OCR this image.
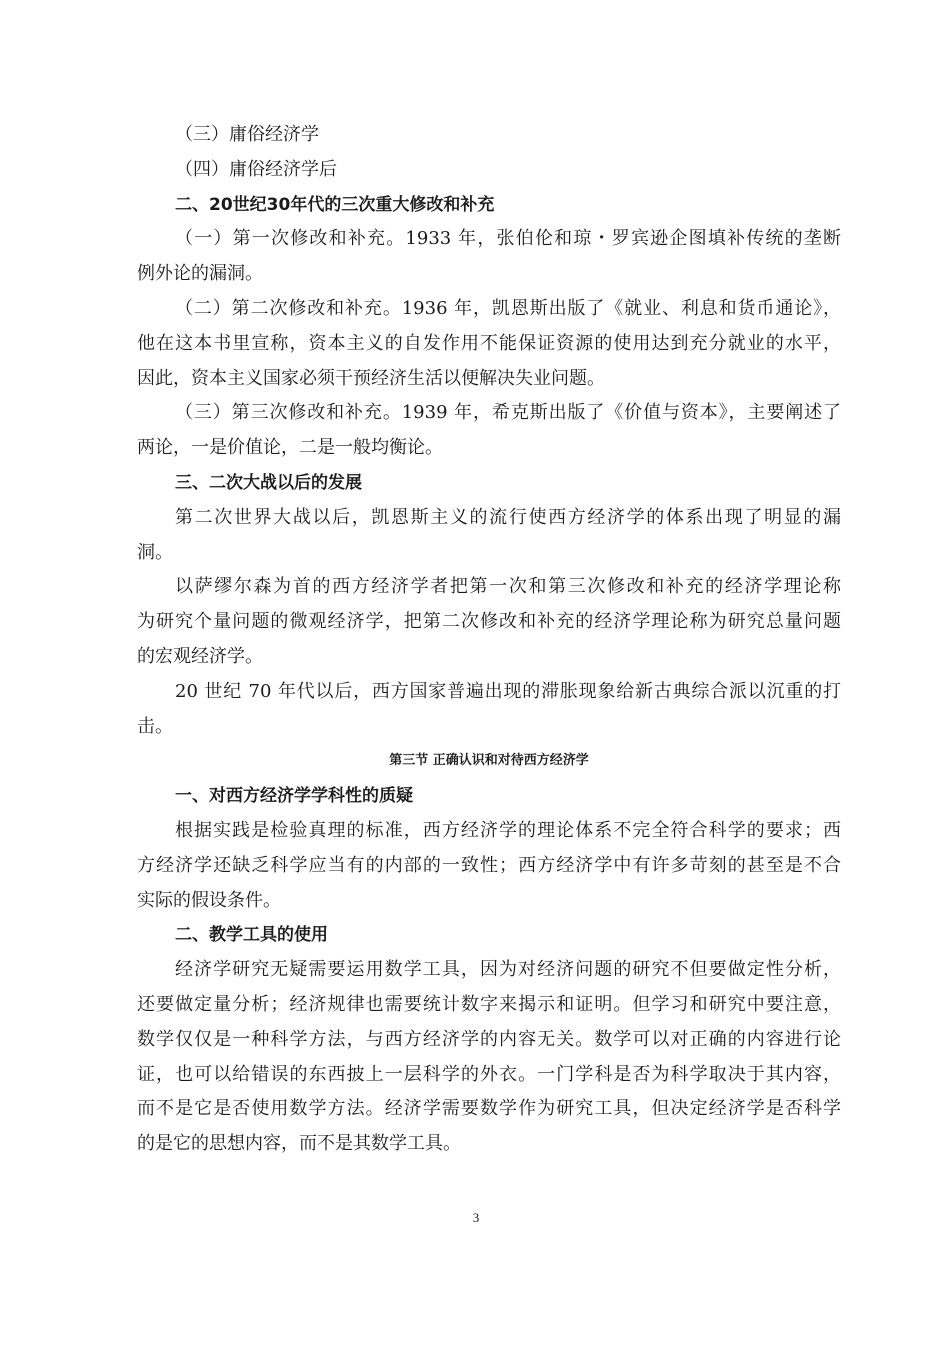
（三）庸俗经济学
（四）庸俗经济学后
二、20世纪30年代的三次重大修改和补充
（一）第一次修改和补充。1933 年，张伯伦和琼・罗宾逊企图填补传统的垄断
例外论的漏洞。
（二）第二次修改和补充。1936 年，凯恩斯出版了《就业、利息和货币通论》，
他在这本书里宣称，资本主义的自发作用不能保证资源的使用达到充分就业的水平，
因此，资本主义国家必须干预经济生活以便解决失业问题。
（三）第三次修改和补充。1939 年，希克斯出版了《价值与资本》，主要阐述了
两论，一是价值论，二是一般均衡论。
三、二次大战以后的发展
第二次世界大战以后，凯恩斯主义的流行使西方经济学的体系出现了明显的漏
洞。
以萨缪尔森为首的西方经济学者把第一次和第三次修改和补充的经济学理论称
为研究个量问题的微观经济学，把第二次修改和补充的经济学理论称为研究总量问题
的宏观经济学。
20 世纪 70 年代以后，西方国家普遍出现的滞胀现象给新古典综合派以沉重的打
击。
第三节 正确认识和对待西方经济学
一、对西方经济学学科性的质疑
根据实践是检验真理的标准，西方经济学的理论体系不完全符合科学的要求；西
方经济学还缺乏科学应当有的内部的一致性；西方经济学中有许多苛刻的甚至是不合
实际的假设条件。
二、教学工具的使用
经济学研究无疑需要运用数学工具，因为对经济问题的研究不但要做定性分析，
还要做定量分析；经济规律也需要统计数字来揭示和证明。但学习和研究中要注意，
数学仅仅是一种科学方法，与西方经济学的内容无关。数学可以对正确的内容进行论
证，也可以给错误的东西披上一层科学的外衣。一门学科是否为科学取决于其内容，
而不是它是否使用数学方法。经济学需要数学作为研究工具，但决定经济学是否科学
的是它的思想内容，而不是其数学工具。
3
